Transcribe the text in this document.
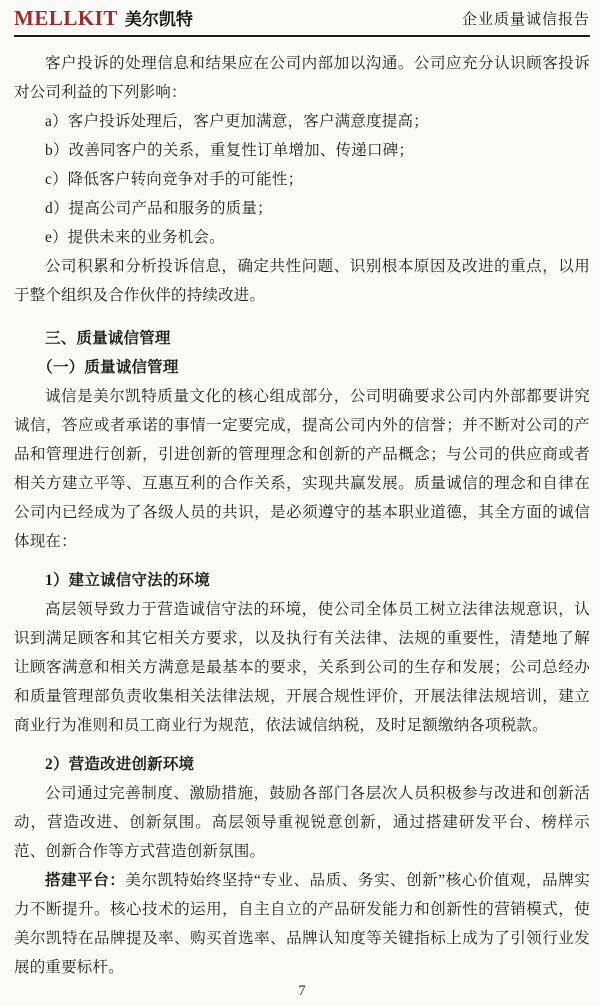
MELLKIT 美尔凯特	企业质量诚信报告

客户投诉的处理信息和结果应在公司内部加以沟通。公司应充分认识顾客投诉对公司利益的下列影响：

a）客户投诉处理后，客户更加满意，客户满意度提高；

b）改善同客户的关系，重复性订单增加、传递口碑；

c）降低客户转向竞争对手的可能性；

d）提高公司产品和服务的质量；

e）提供未来的业务机会。

公司积累和分析投诉信息，确定共性问题、识别根本原因及改进的重点，以用于整个组织及合作伙伴的持续改进。

三、质量诚信管理

（一）质量诚信管理

诚信是美尔凯特质量文化的核心组成部分，公司明确要求公司内外部都要讲究诚信，答应或者承诺的事情一定要完成，提高公司内外的信誉；并不断对公司的产品和管理进行创新，引进创新的管理理念和创新的产品概念；与公司的供应商或者相关方建立平等、互惠互利的合作关系，实现共赢发展。质量诚信的理念和自律在公司内已经成为了各级人员的共识，是必须遵守的基本职业道德，其全方面的诚信体现在：

1）建立诚信守法的环境

高层领导致力于营造诚信守法的环境，使公司全体员工树立法律法规意识，认识到满足顾客和其它相关方要求，以及执行有关法律、法规的重要性，清楚地了解让顾客满意和相关方满意是最基本的要求，关系到公司的生存和发展；公司总经办和质量管理部负责收集相关法律法规，开展合规性评价，开展法律法规培训，建立商业行为准则和员工商业行为规范，依法诚信纳税，及时足额缴纳各项税款。

2）营造改进创新环境

公司通过完善制度、激励措施，鼓励各部门各层次人员积极参与改进和创新活动，营造改进、创新氛围。高层领导重视锐意创新，通过搭建研发平台、榜样示范、创新合作等方式营造创新氛围。

搭建平台：美尔凯特始终坚持“专业、品质、务实、创新”核心价值观，品牌实力不断提升。核心技术的运用，自主自立的产品研发能力和创新性的营销模式，使美尔凯特在品牌提及率、购买首选率、品牌认知度等关键指标上成为了引领行业发展的重要标杆。

7
